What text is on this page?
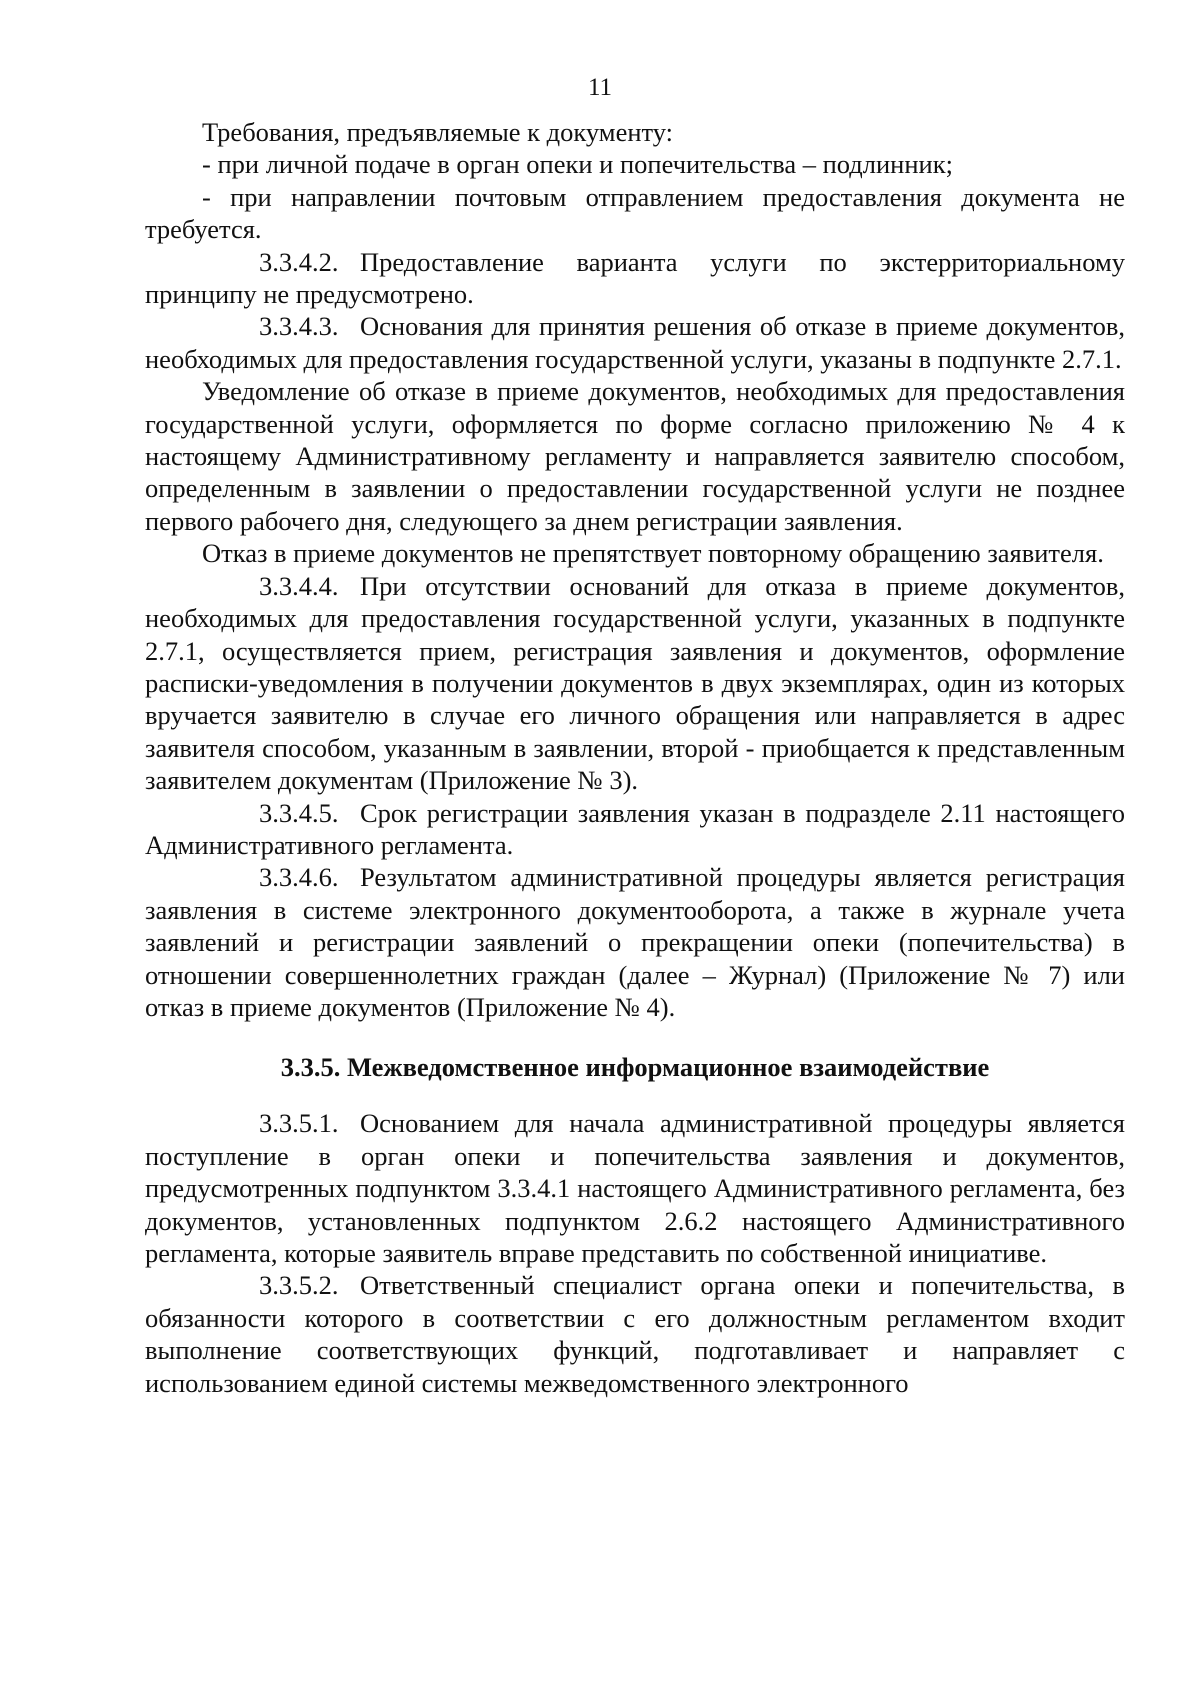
11

Требования, предъявляемые к документу:

- при личной подаче в орган опеки и попечительства – подлинник;

- при направлении почтовым отправлением предоставления документа не требуется.

3.3.4.2. Предоставление варианта услуги по экстерриториальному принципу не предусмотрено.

3.3.4.3. Основания для принятия решения об отказе в приеме документов, необходимых для предоставления государственной услуги, указаны в подпункте 2.7.1.

Уведомление об отказе в приеме документов, необходимых для предоставления государственной услуги, оформляется по форме согласно приложению № 4 к настоящему Административному регламенту и направляется заявителю способом, определенным в заявлении о предоставлении государственной услуги не позднее первого рабочего дня, следующего за днем регистрации заявления.

Отказ в приеме документов не препятствует повторному обращению заявителя.

3.3.4.4. При отсутствии оснований для отказа в приеме документов, необходимых для предоставления государственной услуги, указанных в подпункте 2.7.1, осуществляется прием, регистрация заявления и документов, оформление расписки-уведомления в получении документов в двух экземплярах, один из которых вручается заявителю в случае его личного обращения или направляется в адрес заявителя способом, указанным в заявлении, второй - приобщается к представленным заявителем документам (Приложение № 3).

3.3.4.5. Срок регистрации заявления указан в подразделе 2.11 настоящего Административного регламента.

3.3.4.6. Результатом административной процедуры является регистрация заявления в системе электронного документооборота, а также в журнале учета заявлений и регистрации заявлений о прекращении опеки (попечительства) в отношении совершеннолетних граждан (далее – Журнал) (Приложение № 7) или отказ в приеме документов (Приложение № 4).

3.3.5. Межведомственное информационное взаимодействие

3.3.5.1. Основанием для начала административной процедуры является поступление в орган опеки и попечительства заявления и документов, предусмотренных подпунктом 3.3.4.1 настоящего Административного регламента, без документов, установленных подпунктом 2.6.2 настоящего Административного регламента, которые заявитель вправе представить по собственной инициативе.

3.3.5.2. Ответственный специалист органа опеки и попечительства, в обязанности которого в соответствии с его должностным регламентом входит выполнение соответствующих функций, подготавливает и направляет с использованием единой системы межведомственного электронного
